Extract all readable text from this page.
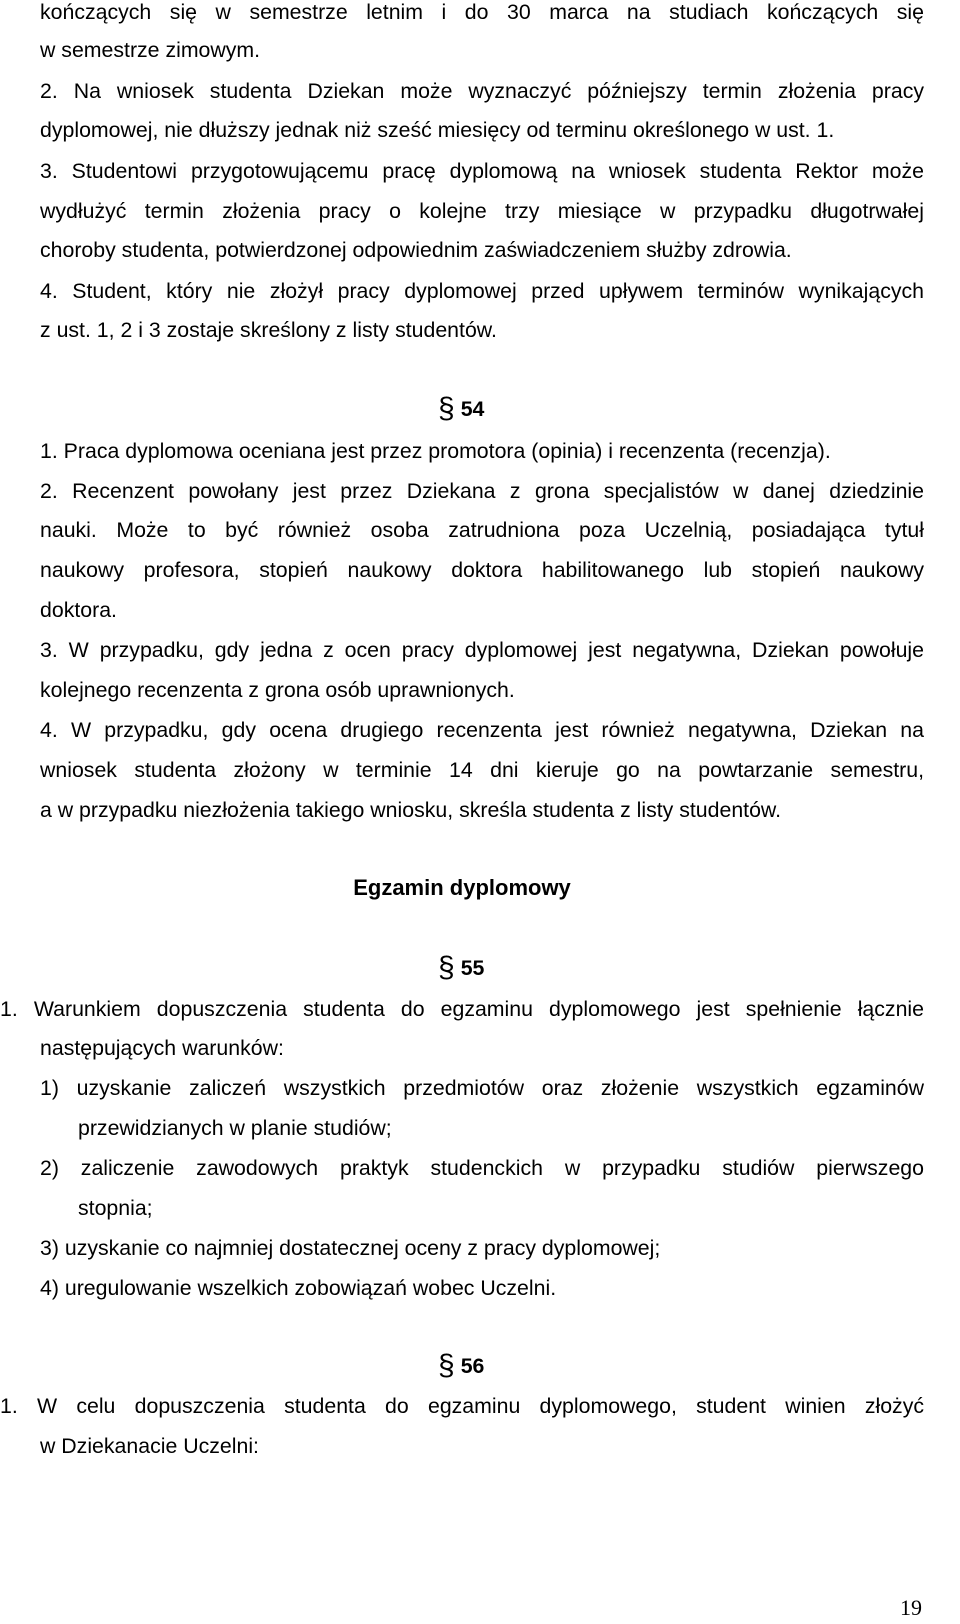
kończących się w semestrze letnim i do 30 marca na studiach kończących się
w semestrze zimowym.
2. Na wniosek studenta Dziekan może wyznaczyć późniejszy termin złożenia pracy
dyplomowej, nie dłuższy jednak niż sześć miesięcy od terminu określonego w ust. 1.
3. Studentowi przygotowującemu pracę dyplomową na wniosek studenta Rektor może
wydłużyć termin złożenia pracy o kolejne trzy miesiące w przypadku długotrwałej
choroby studenta, potwierdzonej odpowiednim zaświadczeniem służby zdrowia.
4. Student, który nie złożył pracy dyplomowej przed upływem terminów wynikających
z ust. 1, 2 i 3 zostaje skreślony z listy studentów.
§ 54
1. Praca dyplomowa oceniana jest przez promotora (opinia) i recenzenta (recenzja).
2. Recenzent powołany jest przez Dziekana z grona specjalistów w danej dziedzinie
nauki. Może to być również osoba zatrudniona poza Uczelnią, posiadająca tytuł
naukowy profesora, stopień naukowy doktora habilitowanego lub stopień naukowy
doktora.
3. W przypadku, gdy jedna z ocen pracy dyplomowej jest negatywna, Dziekan powołuje
kolejnego recenzenta z grona osób uprawnionych.
4. W przypadku, gdy ocena drugiego recenzenta jest również negatywna, Dziekan na
wniosek studenta złożony w terminie 14 dni kieruje go na powtarzanie semestru,
a w przypadku niezłożenia takiego wniosku, skreśla studenta z listy studentów.
Egzamin dyplomowy
§ 55
1. Warunkiem dopuszczenia studenta do egzaminu dyplomowego jest spełnienie łącznie
następujących warunków:
1) uzyskanie zaliczeń wszystkich przedmiotów oraz złożenie wszystkich egzaminów
przewidzianych w planie studiów;
2) zaliczenie zawodowych praktyk studenckich w przypadku studiów pierwszego
stopnia;
3) uzyskanie co najmniej dostatecznej oceny z pracy dyplomowej;
4) uregulowanie wszelkich zobowiązań wobec Uczelni.
§ 56
1. W celu dopuszczenia studenta do egzaminu dyplomowego, student winien złożyć
w Dziekanacie Uczelni:
19
